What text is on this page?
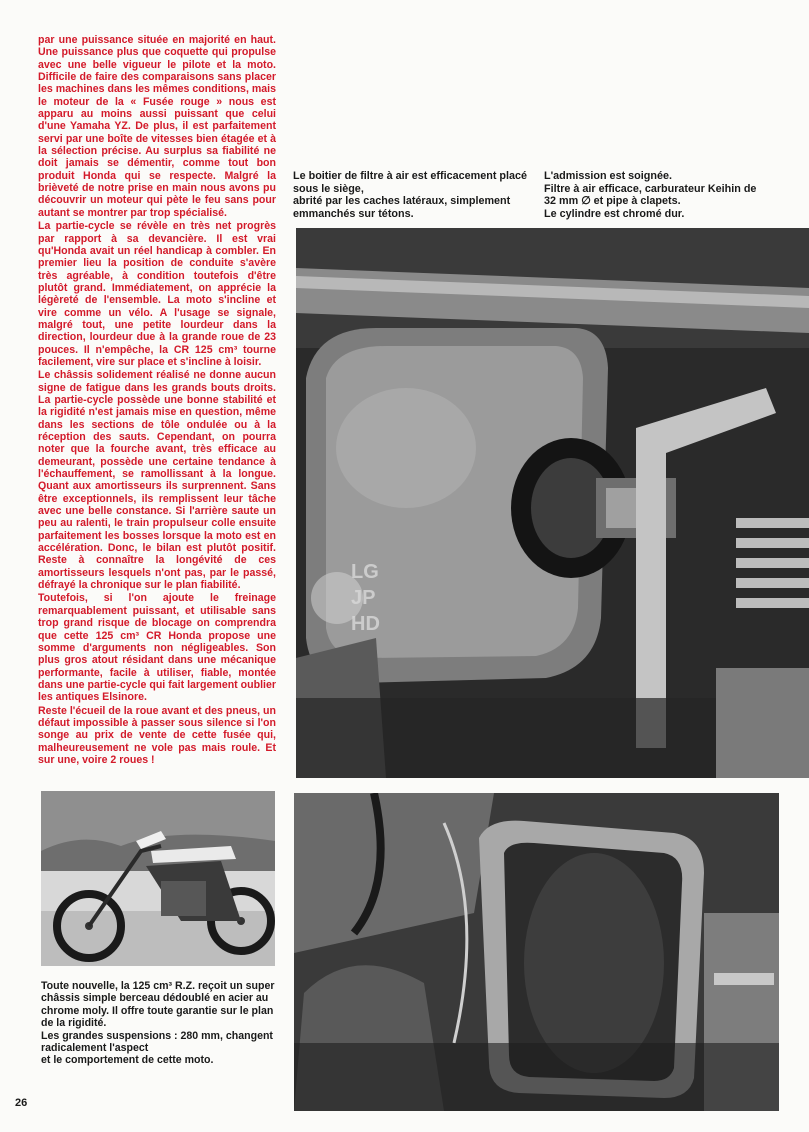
par une puissance située en majorité en haut. Une puissance plus que coquette qui propulse avec une belle vigueur le pilote et la moto. Difficile de faire des comparaisons sans placer les machines dans les mêmes conditions, mais le moteur de la « Fusée rouge » nous est apparu au moins aussi puissant que celui d'une Yamaha YZ. De plus, il est parfaitement servi par une boîte de vitesses bien étagée et à la sélection précise. Au surplus sa fiabilité ne doit jamais se démentir, comme tout bon produit Honda qui se respecte. Malgré la brièveté de notre prise en main nous avons pu découvrir un moteur qui pète le feu sans pour autant se montrer par trop spécialisé.

La partie-cycle se révèle en très net progrès par rapport à sa devancière. Il est vrai qu'Honda avait un réel handicap à combler. En premier lieu la position de conduite s'avère très agréable, à condition toutefois d'être plutôt grand. Immédiatement, on apprécie la légèreté de l'ensemble. La moto s'incline et vire comme un vélo. A l'usage se signale, malgré tout, une petite lourdeur dans la direction, lourdeur due à la grande roue de 23 pouces. Il n'empêche, la CR 125 cm³ tourne facilement, vire sur place et s'incline à loisir.

Le châssis solidement réalisé ne donne aucun signe de fatigue dans les grands bouts droits. La partie-cycle possède une bonne stabilité et la rigidité n'est jamais mise en question, même dans les sections de tôle ondulée ou à la réception des sauts. Cependant, on pourra noter que la fourche avant, très efficace au demeurant, possède une certaine tendance à l'échauffement, se ramollissant à la longue. Quant aux amortisseurs ils surprennent. Sans être exceptionnels, ils remplissent leur tâche avec une belle constance. Si l'arrière saute un peu au ralenti, le train propulseur colle ensuite parfaitement les bosses lorsque la moto est en accélération. Donc, le bilan est plutôt positif. Reste à connaître la longévité de ces amortisseurs lesquels n'ont pas, par le passé, défrayé la chronique sur le plan fiabilité.

Toutefois, si l'on ajoute le freinage remarquablement puissant, et utilisable sans trop grand risque de blocage on comprendra que cette 125 cm³ CR Honda propose une somme d'arguments non négligeables. Son plus gros atout résidant dans une mécanique performante, facile à utiliser, fiable, montée dans une partie-cycle qui fait largement oublier les antiques Elsinore.

Reste l'écueil de la roue avant et des pneus, un défaut impossible à passer sous silence si l'on songe au prix de vente de cette fusée qui, malheureusement ne vole pas mais roule. Et sur une, voire 2 roues !

Le boitier de filtre à air est efficacement placé sous le siège,

abrité par les caches latéraux, simplement emmanchés sur tétons.

L'admission est soignée.

Filtre à air efficace, carburateur Keihin de 32 mm ∅ et pipe à clapets.

Le cylindre est chromé dur.

LG
JP
HD

Toute nouvelle, la 125 cm³ R.Z. reçoit un super châssis simple berceau dédoublé en acier au chrome moly. Il offre toute garantie sur le plan de la rigidité.

Les grandes suspensions : 280 mm, changent radicalement l'aspect

et le comportement de cette moto.

26
